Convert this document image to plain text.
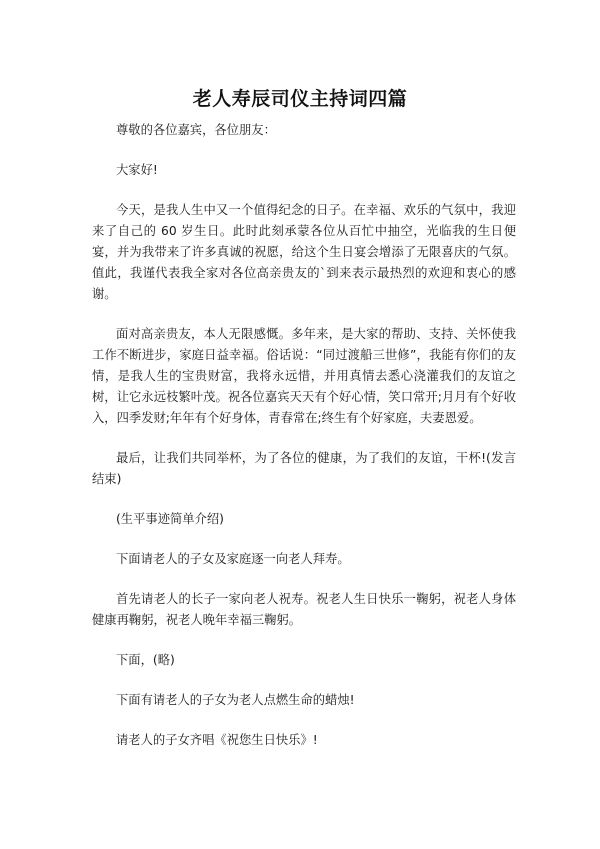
老人寿辰司仪主持词四篇

尊敬的各位嘉宾，各位朋友：

大家好!

今天，是我人生中又一个值得纪念的日子。在幸福、欢乐的气氛中，我迎来了自己的 60 岁生日。此时此刻承蒙各位从百忙中抽空，光临我的生日便宴，并为我带来了许多真诚的祝愿，给这个生日宴会增添了无限喜庆的气氛。值此，我谨代表我全家对各位高亲贵友的`到来表示最热烈的欢迎和衷心的感谢。

面对高亲贵友，本人无限感慨。多年来，是大家的帮助、支持、关怀使我工作不断进步，家庭日益幸福。俗话说：“同过渡船三世修”，我能有你们的友情，是我人生的宝贵财富，我将永远惜，并用真情去悉心浇灌我们的友谊之树，让它永远枝繁叶茂。祝各位嘉宾天天有个好心情，笑口常开;月月有个好收入，四季发财;年年有个好身体，青春常在;终生有个好家庭，夫妻恩爱。

最后，让我们共同举杯，为了各位的健康，为了我们的友谊，干杯!(发言结束)

(生平事迹简单介绍)

下面请老人的子女及家庭逐一向老人拜寿。

首先请老人的长子一家向老人祝寿。祝老人生日快乐一鞠躬，祝老人身体健康再鞠躬，祝老人晚年幸福三鞠躬。

下面，(略)

下面有请老人的子女为老人点燃生命的蜡烛!

请老人的子女齐唱《祝您生日快乐》!
